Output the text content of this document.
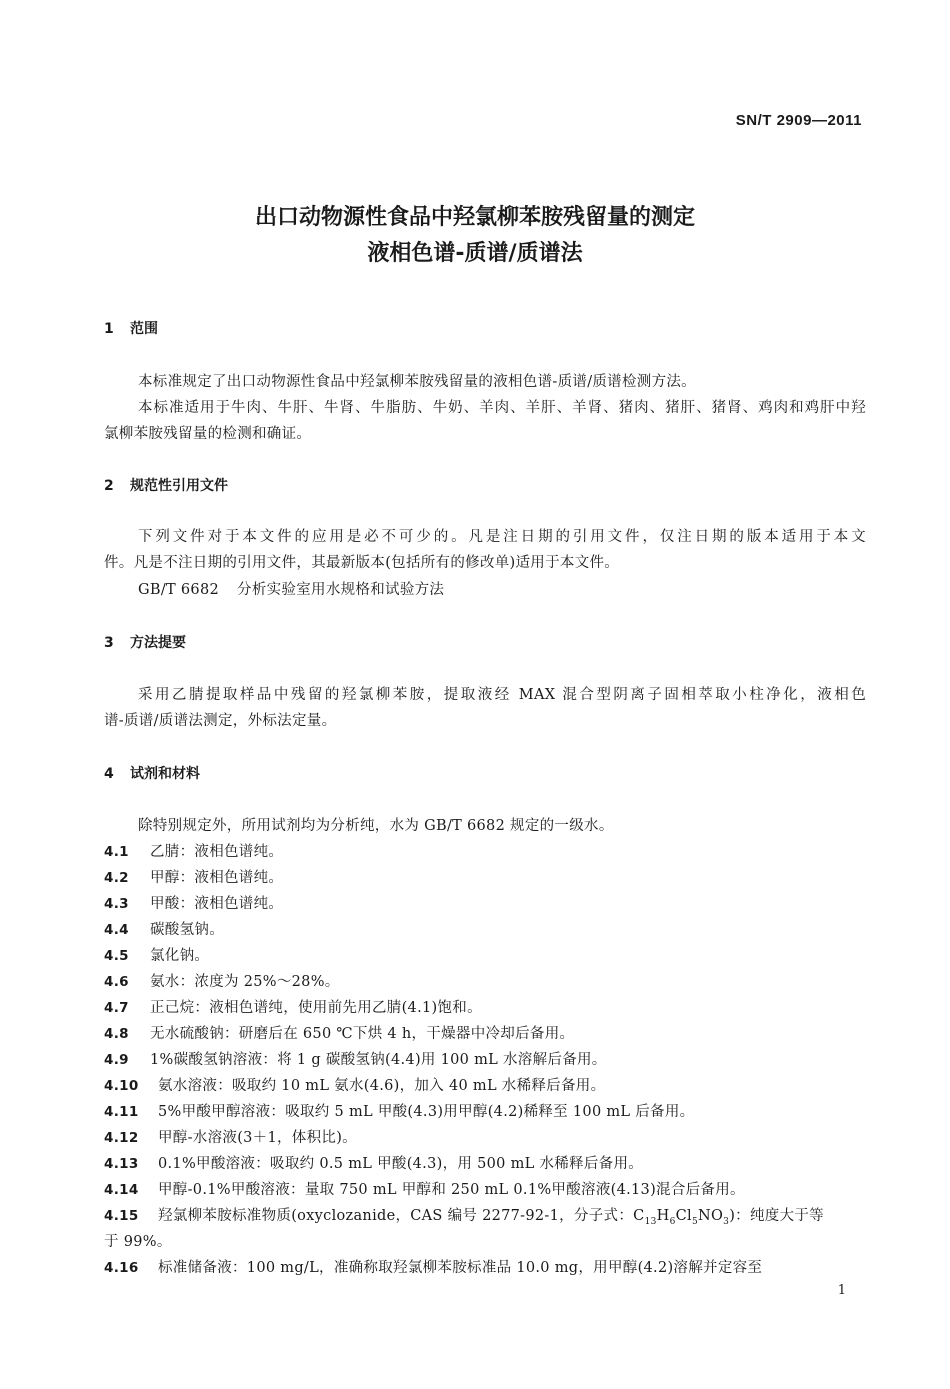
SN/T 2909—2011
出口动物源性食品中羟氯柳苯胺残留量的测定
液相色谱-质谱/质谱法
1 范围
本标准规定了出口动物源性食品中羟氯柳苯胺残留量的液相色谱-质谱/质谱检测方法。
本标准适用于牛肉、牛肝、牛肾、牛脂肪、牛奶、羊肉、羊肝、羊肾、猪肉、猪肝、猪肾、鸡肉和鸡肝中羟
氯柳苯胺残留量的检测和确证。
2 规范性引用文件
下列文件对于本文件的应用是必不可少的。凡是注日期的引用文件，仅注日期的版本适用于本文
件。凡是不注日期的引用文件，其最新版本(包括所有的修改单)适用于本文件。
GB/T 6682 分析实验室用水规格和试验方法
3 方法提要
采用乙腈提取样品中残留的羟氯柳苯胺，提取液经 MAX 混合型阴离子固相萃取小柱净化，液相色
谱-质谱/质谱法测定，外标法定量。
4 试剂和材料
除特别规定外，所用试剂均为分析纯，水为 GB/T 6682 规定的一级水。
4.1 乙腈：液相色谱纯。
4.2 甲醇：液相色谱纯。
4.3 甲酸：液相色谱纯。
4.4 碳酸氢钠。
4.5 氯化钠。
4.6 氨水：浓度为 25%～28%。
4.7 正己烷：液相色谱纯，使用前先用乙腈(4.1)饱和。
4.8 无水硫酸钠：研磨后在 650 ℃下烘 4 h，干燥器中冷却后备用。
4.9 1%碳酸氢钠溶液：将 1 g 碳酸氢钠(4.4)用 100 mL 水溶解后备用。
4.10 氨水溶液：吸取约 10 mL 氨水(4.6)，加入 40 mL 水稀释后备用。
4.11 5%甲酸甲醇溶液：吸取约 5 mL 甲酸(4.3)用甲醇(4.2)稀释至 100 mL 后备用。
4.12 甲醇-水溶液(3＋1，体积比)。
4.13 0.1%甲酸溶液：吸取约 0.5 mL 甲酸(4.3)，用 500 mL 水稀释后备用。
4.14 甲醇-0.1%甲酸溶液：量取 750 mL 甲醇和 250 mL 0.1%甲酸溶液(4.13)混合后备用。
4.15 羟氯柳苯胺标准物质(oxyclozanide，CAS 编号 2277-92-1，分子式：$C_{13}H_6Cl_5NO_3$)：纯度大于等
于 99%。
4.16 标准储备液：100 mg/L，准确称取羟氯柳苯胺标准品 10.0 mg，用甲醇(4.2)溶解并定容至
1
